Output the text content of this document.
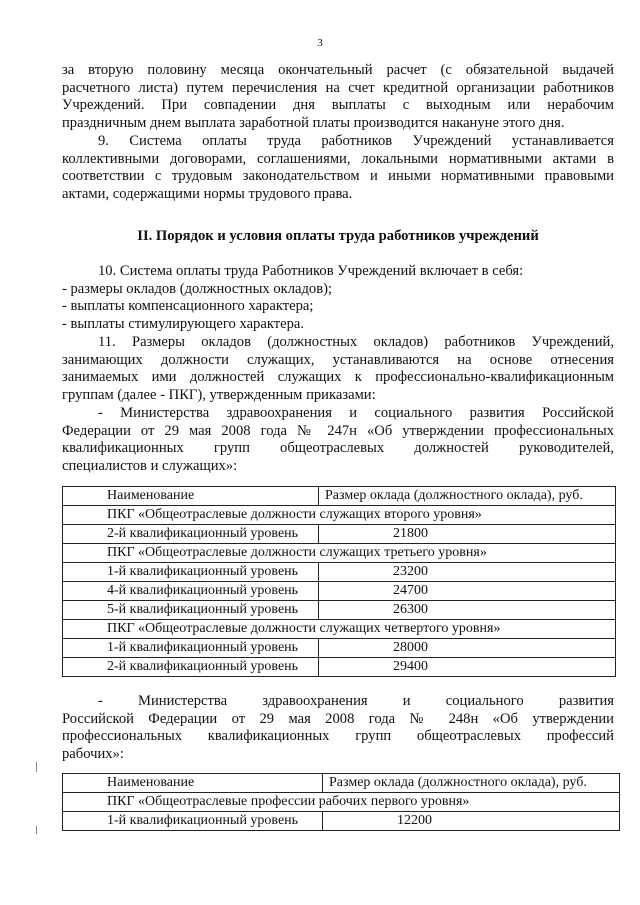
3
за вторую половину месяца окончательный расчет (с обязательной выдачей
расчетного листа) путем перечисления на счет кредитной организации работников
Учреждений. При совпадении дня выплаты с выходным или нерабочим
праздничным днем выплата заработной платы производится накануне этого дня.
9. Система оплаты труда работников Учреждений устанавливается
коллективными договорами, соглашениями, локальными нормативными актами в
соответствии с трудовым законодательством и иными нормативными правовыми
актами, содержащими нормы трудового права.
II. Порядок и условия оплаты труда работников учреждений
10. Система оплаты труда Работников Учреждений включает в себя:
- размеры окладов (должностных окладов);
- выплаты компенсационного характера;
- выплаты стимулирующего характера.
11. Размеры окладов (должностных окладов) работников Учреждений,
занимающих должности служащих, устанавливаются на основе отнесения
занимаемых ими должностей служащих к профессионально-квалификационным
группам (далее - ПКГ), утвержденным приказами:
- Министерства здравоохранения и социального развития Российской
Федерации от 29 мая 2008 года № 247н «Об утверждении профессиональных
квалификационных групп общеотраслевых должностей руководителей,
специалистов и служащих»:
Наименование	Размер оклада (должностного оклада), руб.
ПКГ «Общеотраслевые должности служащих второго уровня»	
2-й квалификационный уровень	21800
ПКГ «Общеотраслевые должности служащих третьего уровня»	
1-й квалификационный уровень	23200
4-й квалификационный уровень	24700
5-й квалификационный уровень	26300
ПКГ «Общеотраслевые должности служащих четвертого уровня»	
1-й квалификационный уровень	28000
2-й квалификационный уровень	29400
- Министерства здравоохранения и социального развития
Российской Федерации от 29 мая 2008 года № 248н «Об утверждении
профессиональных квалификационных групп общеотраслевых профессий
рабочих»:
Наименование	Размер оклада (должностного оклада), руб.
ПКГ «Общеотраслевые профессии рабочих первого уровня»	
1-й квалификационный уровень	12200
